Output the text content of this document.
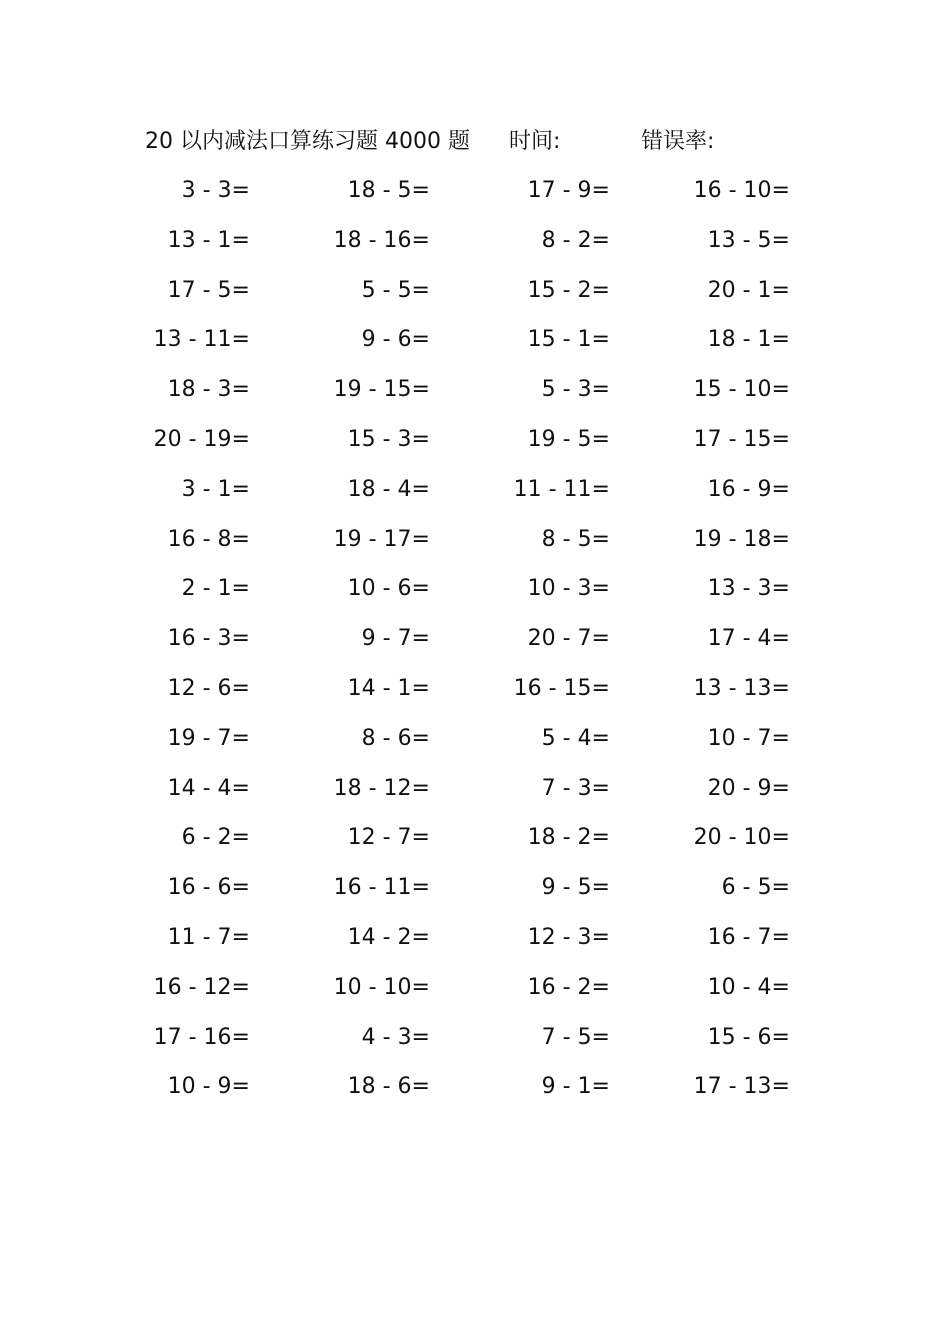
20 以内减法口算练习题 4000 题 时间:	错误率:
3 - 3=	18 - 5=	17 - 9=	16 - 10=
13 - 1=	18 - 16=	8 - 2=	13 - 5=
17 - 5=	5 - 5=	15 - 2=	20 - 1=
13 - 11=	9 - 6=	15 - 1=	18 - 1=
18 - 3=	19 - 15=	5 - 3=	15 - 10=
20 - 19=	15 - 3=	19 - 5=	17 - 15=
3 - 1=	18 - 4=	11 - 11=	16 - 9=
16 - 8=	19 - 17=	8 - 5=	19 - 18=
2 - 1=	10 - 6=	10 - 3=	13 - 3=
16 - 3=	9 - 7=	20 - 7=	17 - 4=
12 - 6=	14 - 1=	16 - 15=	13 - 13=
19 - 7=	8 - 6=	5 - 4=	10 - 7=
14 - 4=	18 - 12=	7 - 3=	20 - 9=
6 - 2=	12 - 7=	18 - 2=	20 - 10=
16 - 6=	16 - 11=	9 - 5=	6 - 5=
11 - 7=	14 - 2=	12 - 3=	16 - 7=
16 - 12=	10 - 10=	16 - 2=	10 - 4=
17 - 16=	4 - 3=	7 - 5=	15 - 6=
10 - 9=	18 - 6=	9 - 1=	17 - 13=
